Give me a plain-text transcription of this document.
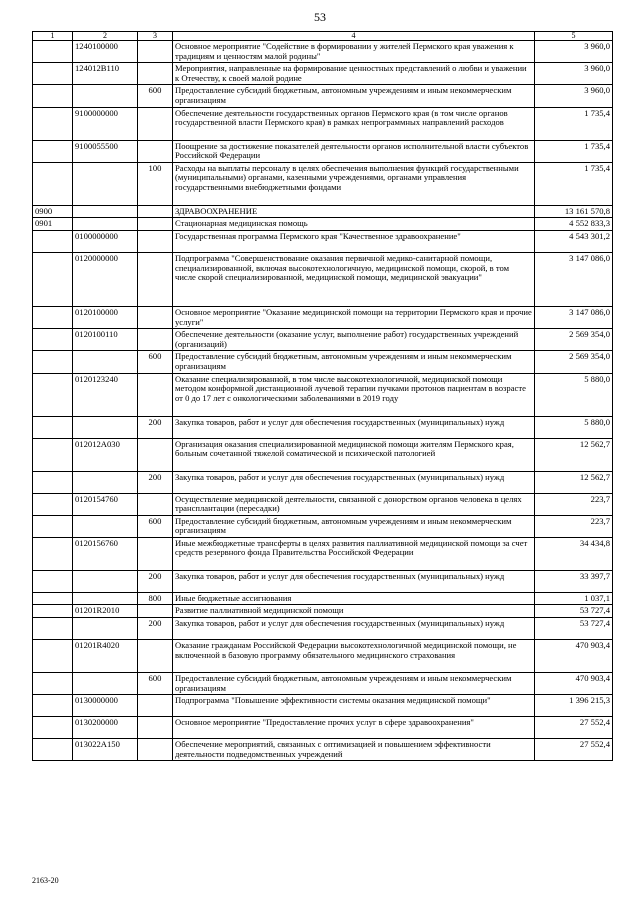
53
1	2	3	4	5
	1240100000		Основное мероприятие "Содействие в формировании у жителей Пермского края уважения к традициям и ценностям малой родины"	3 960,0
	124012В110		Мероприятия, направленные на формирование ценностных представлений о любви и уважении к Отечеству, к своей малой родине	3 960,0
		600	Предоставление субсидий бюджетным, автономным учреждениям и иным некоммерческим организациям	3 960,0
	9100000000		Обеспечение деятельности государственных органов Пермского края (в том числе органов государственной власти Пермского края) в рамках непрограммных направлений расходов	1 735,4
	9100055500		Поощрение за достижение показателей деятельности органов исполнительной власти субъектов Российской Федерации	1 735,4
		100	Расходы на выплаты персоналу в целях обеспечения выполнения функций государственными (муниципальными) органами, казенными учреждениями, органами управления государственными внебюджетными фондами	1 735,4
0900			ЗДРАВООХРАНЕНИЕ	13 161 570,8
0901			Стационарная медицинская помощь	4 552 833,3
	0100000000		Государственная программа Пермского края "Качественное здравоохранение"	4 543 301,2
	0120000000		Подпрограмма "Совершенствование оказания первичной медико-санитарной помощи, специализированной, включая высокотехнологичную, медицинской помощи, скорой, в том числе скорой специализированной, медицинской помощи, медицинской эвакуации"	3 147 086,0
	0120100000		Основное мероприятие "Оказание медицинской помощи на территории Пермского края и прочие услуги"	3 147 086,0
	0120100110		Обеспечение деятельности (оказание услуг, выполнение работ) государственных учреждений (организаций)	2 569 354,0
		600	Предоставление субсидий бюджетным, автономным учреждениям и иным некоммерческим организациям	2 569 354,0
	0120123240		Оказание специализированной, в том числе высокотехнологичной, медицинской помощи методом конформной дистанционной лучевой терапии пучками протонов пациентам в возрасте от 0 до 17 лет с онкологическими заболеваниями в 2019 году	5 880,0
		200	Закупка товаров, работ и услуг для обеспечения государственных (муниципальных) нужд	5 880,0
	012012А030		Организация оказания специализированной медицинской помощи жителям Пермского края, больным сочетанной тяжелой соматической и психической патологией	12 562,7
		200	Закупка товаров, работ и услуг для обеспечения государственных (муниципальных) нужд	12 562,7
	0120154760		Осуществление медицинской деятельности, связанной с донорством органов человека в целях трансплантации (пересадки)	223,7
		600	Предоставление субсидий бюджетным, автономным учреждениям и иным некоммерческим организациям	223,7
	0120156760		Иные межбюджетные трансферты в целях развития паллиативной медицинской помощи за счет средств резервного фонда Правительства Российской Федерации	34 434,8
		200	Закупка товаров, работ и услуг для обеспечения государственных (муниципальных) нужд	33 397,7
		800	Иные бюджетные ассигнования	1 037,1
	01201R2010		Развитие паллиативной медицинской помощи	53 727,4
		200	Закупка товаров, работ и услуг для обеспечения государственных (муниципальных) нужд	53 727,4
	01201R4020		Оказание гражданам Российской Федерации высокотехнологичной медицинской помощи, не включенной в базовую программу обязательного медицинского страхования	470 903,4
		600	Предоставление субсидий бюджетным, автономным учреждениям и иным некоммерческим организациям	470 903,4
	0130000000		Подпрограмма "Повышение эффективности системы оказания медицинской помощи"	1 396 215,3
	0130200000		Основное мероприятие "Предоставление прочих услуг в сфере здравоохранения"	27 552,4
	013022А150		Обеспечение мероприятий, связанных с оптимизацией и повышением эффективности деятельности подведомственных учреждений	27 552,4
2163-20
